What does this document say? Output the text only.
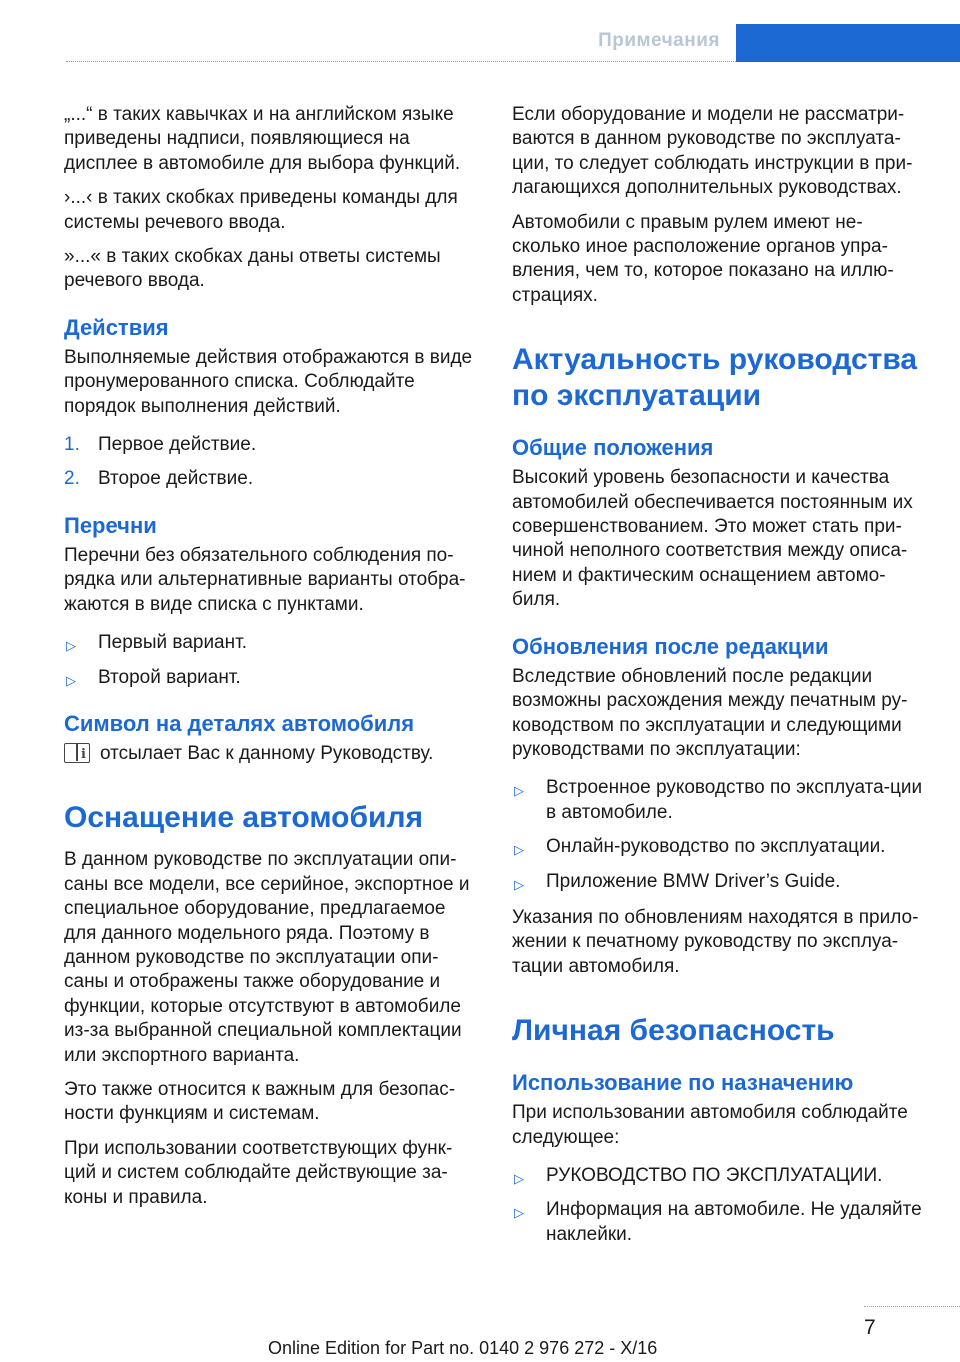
Примечания

„...“ в таких кавычках и на английском языке приведены надписи, появляющиеся на дисплее в автомобиле для выбора функций.

›...‹ в таких скобках приведены команды для системы речевого ввода.

»...« в таких скобках даны ответы системы речевого ввода.

Действия

Выполняемые действия отображаются в виде пронумерованного списка. Соблюдайте порядок выполнения действий.

1. Первое действие.
2. Второе действие.
Перечни

Перечни без обязательного соблюдения по-рядка или альтернативные варианты отобра-жаются в виде списка с пунктами.

▷ Первый вариант.
▷ Второй вариант.
Символ на деталях автомобиля

i
отсылает Вас к данному Руководству.

Оснащение автомобиля

В данном руководстве по эксплуатации опи-саны все модели, все серийное, экспортное и специальное оборудование, предлагаемое для данного модельного ряда. Поэтому в данном руководстве по эксплуатации опи-саны и отображены также оборудование и функции, которые отсутствуют в автомобиле из-за выбранной специальной комплектации или экспортного варианта.

Это также относится к важным для безопас-ности функциям и системам.

При использовании соответствующих функ-ций и систем соблюдайте действующие за-коны и правила.

Если оборудование и модели не рассматри-ваются в данном руководстве по эксплуата-ции, то следует соблюдать инструкции в при-лагающихся дополнительных руководствах.

Автомобили с правым рулем имеют не-сколько иное расположение органов упра-вления, чем то, которое показано на иллю-страциях.

Актуальность руководства по эксплуатации
Общие положения

Высокий уровень безопасности и качества автомобилей обеспечивается постоянным их совершенствованием. Это может стать при-чиной неполного соответствия между описа-нием и фактическим оснащением автомо-биля.

Обновления после редакции

Вследствие обновлений после редакции возможны расхождения между печатным ру-ководством по эксплуатации и следующими руководствами по эксплуатации:

▷ Встроенное руководство по эксплуата-ции в автомобиле.
▷ Онлайн-руководство по эксплуатации.
▷ Приложение BMW Driver’s Guide.

Указания по обновлениям находятся в прило-жении к печатному руководству по эксплуа-тации автомобиля.

Личная безопасность
Использование по назначению

При использовании автомобиля соблюдайте следующее:

▷ РУКОВОДСТВО ПО ЭКСПЛУАТАЦИИ.
▷ Информация на автомобиле. Не удаляйте наклейки.
7
Online Edition for Part no. 0140 2 976 272 - X/16
